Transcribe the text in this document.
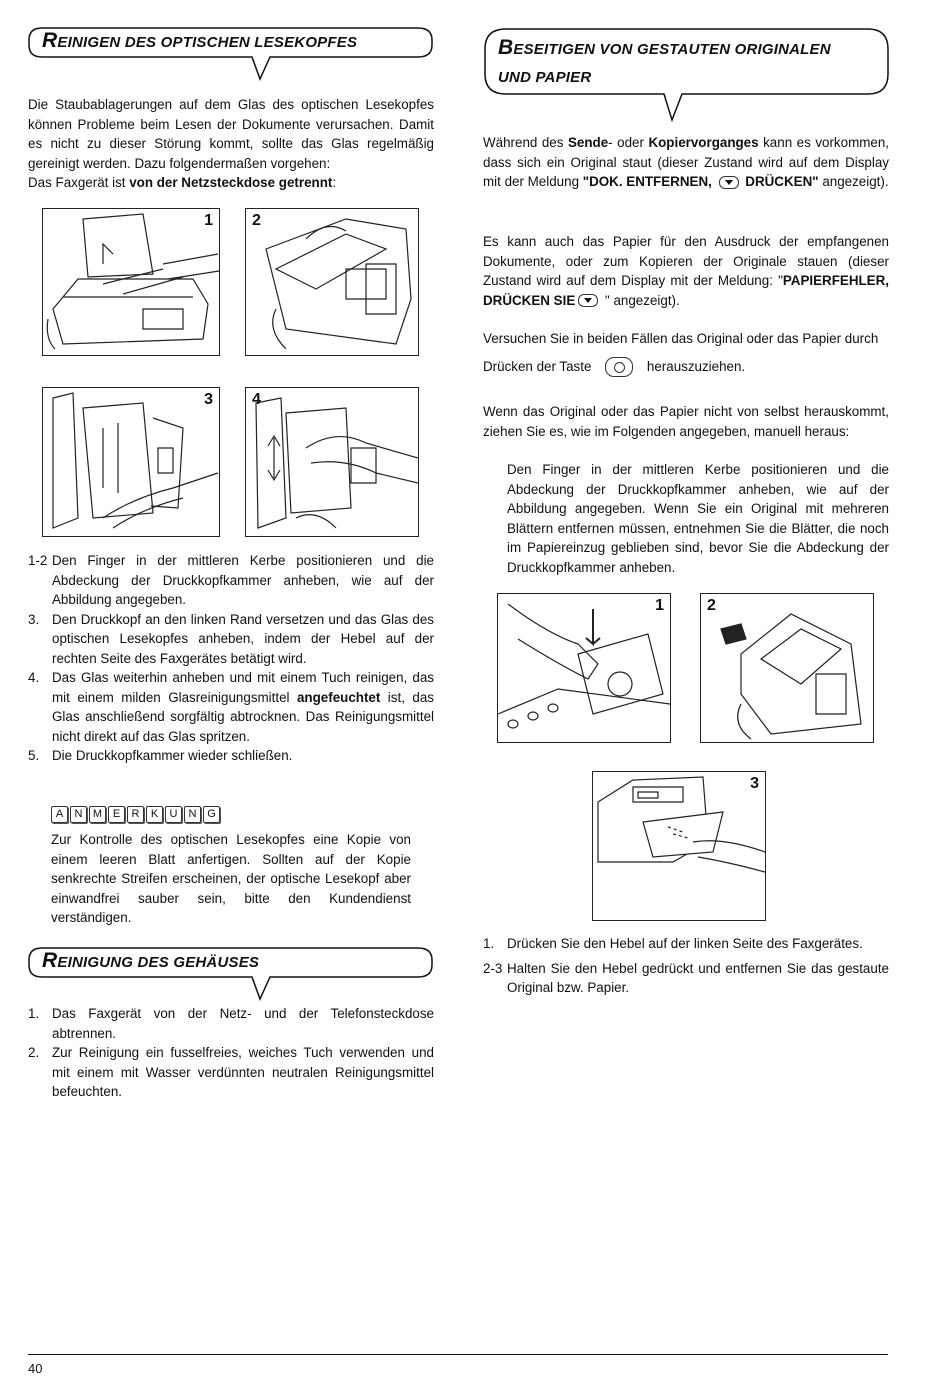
REINIGEN DES OPTISCHEN LESEKOPFES
Die Staubablagerungen auf dem Glas des optischen Lesekopfes können Probleme beim Lesen der Dokumente verursachen. Damit es nicht zu dieser Störung kommt, sollte das Glas regelmäßig gereinigt werden. Dazu folgendermaßen vorgehen:
Das Faxgerät ist von der Netzsteckdose getrennt:
1 2
3 4
1-2 Den Finger in der mittleren Kerbe positionieren und die Abdeckung der Druckkopfkammer anheben, wie auf der Abbildung angegeben.
3. Den Druckkopf an den linken Rand versetzen und das Glas des optischen Lesekopfes anheben, indem der Hebel auf der rechten Seite des Faxgerätes betätigt wird.
4. Das Glas weiterhin anheben und mit einem Tuch reinigen, das mit einem milden Glasreinigungsmittel angefeuchtet ist, das Glas anschließend sorgfältig abtrocknen. Das Reinigungsmittel nicht direkt auf das Glas spritzen.
5. Die Druckkopfkammer wieder schließen.
A N M E R K U N G
Zur Kontrolle des optischen Lesekopfes eine Kopie von einem leeren Blatt anfertigen. Sollten auf der Kopie senkrechte Streifen erscheinen, der optische Lesekopf aber einwandfrei sauber sein, bitte den Kundendienst verständigen.
REINIGUNG DES GEHÄUSES
1. Das Faxgerät von der Netz- und der Telefonsteckdose abtrennen.
2. Zur Reinigung ein fusselfreies, weiches Tuch verwenden und mit einem mit Wasser verdünnten neutralen Reinigungsmittel befeuchten.
BESEITIGEN VON GESTAUTEN ORIGINALEN
UND PAPIER
Während des Sende- oder Kopiervorganges kann es vorkommen, dass sich ein Original staut (dieser Zustand wird auf dem Display mit der Meldung "DOK. ENTFERNEN,  DRÜCKEN" angezeigt).
Es kann auch das Papier für den Ausdruck der empfangenen Dokumente, oder zum Kopieren der Originale stauen (dieser Zustand wird auf dem Display mit der Meldung: "PAPIERFEHLER, DRÜCKEN SIE " angezeigt).
Versuchen Sie in beiden Fällen das Original oder das Papier durch
Drücken der Taste	herauszuziehen.
Wenn das Original oder das Papier nicht von selbst herauskommt, ziehen Sie es, wie im Folgenden angegeben, manuell heraus:
Den Finger in der mittleren Kerbe positionieren und die Abdeckung der Druckkopfkammer anheben, wie auf der Abbildung angegeben. Wenn Sie ein Original mit mehreren Blättern entfernen müssen, entnehmen Sie die Blätter, die noch im Papiereinzug geblieben sind, bevor Sie die Abdeckung der Druckkopfkammer anheben.
1	2
3
1. Drücken Sie den Hebel auf der linken Seite des Faxgerätes.
2-3 Halten Sie den Hebel gedrückt und entfernen Sie das gestaute Original bzw. Papier.
40
